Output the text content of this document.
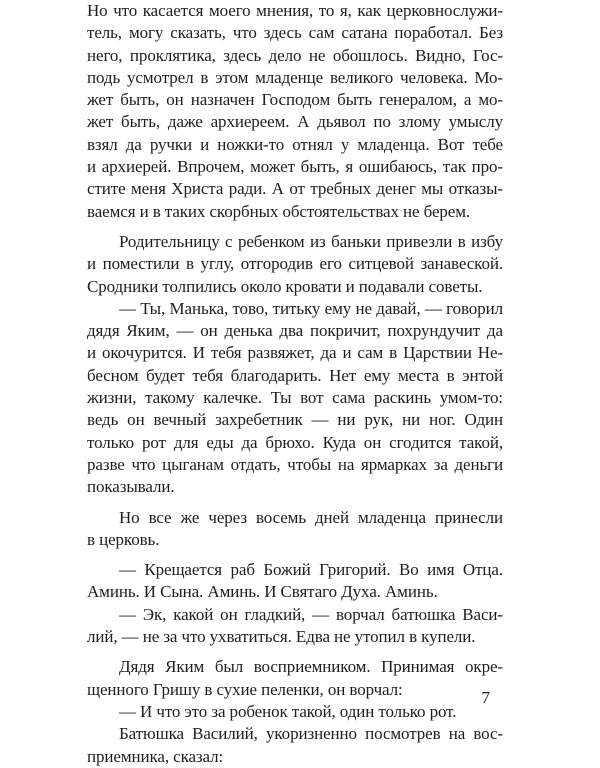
Но что касается моего мнения, то я, как церковнослужи-
тель, могу сказать, что здесь сам сатана поработал. Без
него, проклятика, здесь дело не обошлось. Видно, Гос-
подь усмотрел в этом младенце великого человека. Мо-
жет быть, он назначен Господом быть генералом, а мо-
жет быть, даже архиереем. А дьявол по злому умыслу
взял да ручки и ножки-то отнял у младенца. Вот тебе
и архиерей. Впрочем, может быть, я ошибаюсь, так про-
стите меня Христа ради. А от требных денег мы отказы-
ваемся и в таких скорбных обстоятельствах не берем.
Родительницу с ребенком из баньки привезли в избу
и поместили в углу, отгородив его ситцевой занавеской.
Сродники толпились около кровати и подавали советы.
— Ты, Манька, тово, титьку ему не давай, — говорил
дядя Яким, — он денька два покричит, похрундучит да
и окочурится. И тебя развяжет, да и сам в Царствии Не-
бесном будет тебя благодарить. Нет ему места в энтой
жизни, такому калечке. Ты вот сама раскинь умом-то:
ведь он вечный захребетник — ни рук, ни ног. Один
только рот для еды да брюхо. Куда он сгодится такой,
разве что цыганам отдать, чтобы на ярмарках за деньги
показывали.
Но все же через восемь дней младенца принесли
в церковь.
— Крещается раб Божий Григорий. Во имя Отца.
Аминь. И Сына. Аминь. И Святаго Духа. Аминь.
— Эк, какой он гладкий, — ворчал батюшка Васи-
лий, — не за что ухватиться. Едва не утопил в купели.
Дядя Яким был восприемником. Принимая окре-
щенного Гришу в сухие пеленки, он ворчал:
— И что это за робенок такой, один только рот.
Батюшка Василий, укоризненно посмотрев на вос-
приемника, сказал:
7
